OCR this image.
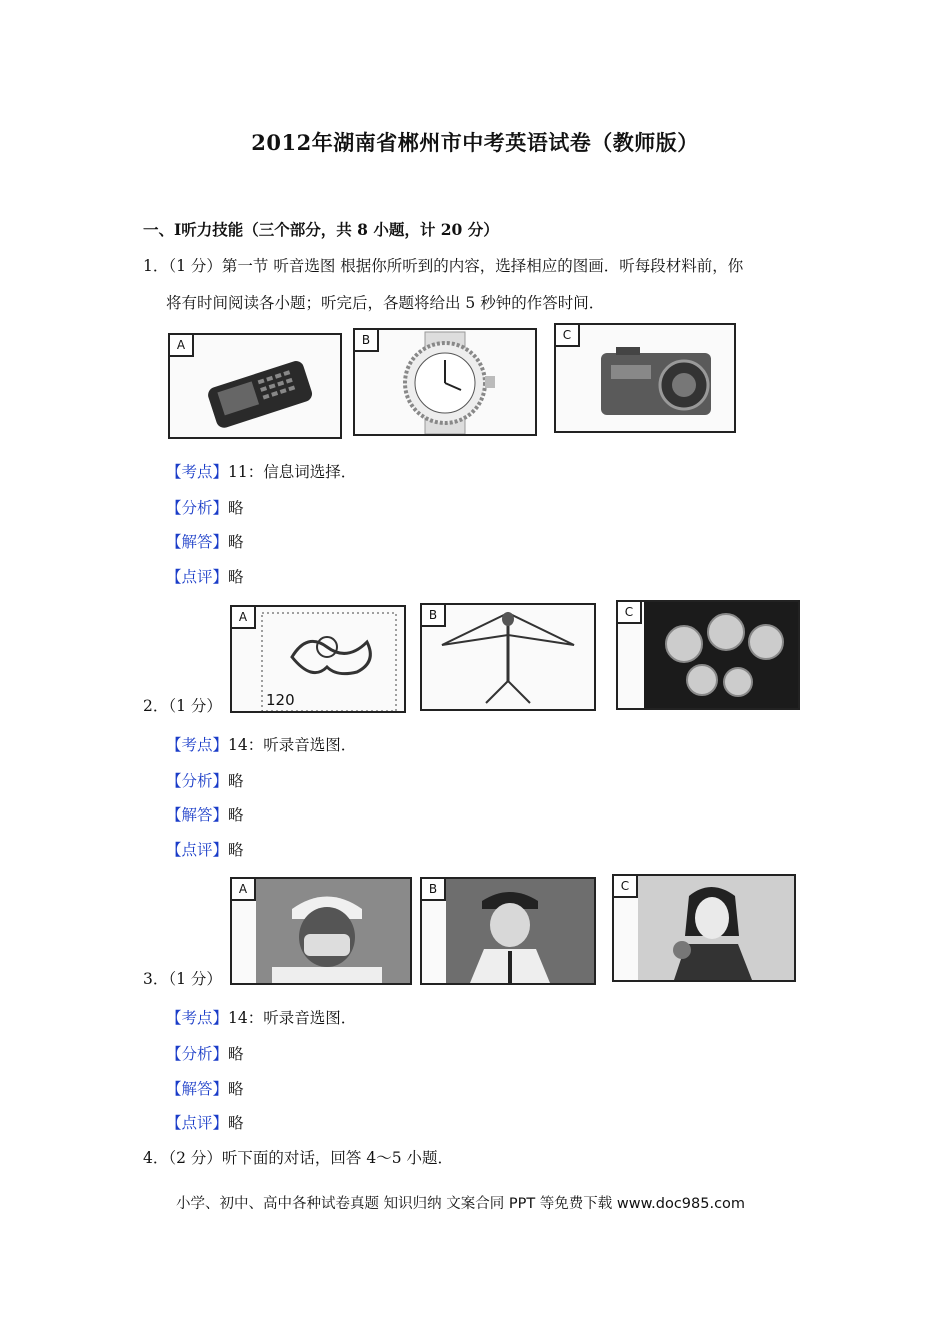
2012年湖南省郴州市中考英语试卷（教师版）
一、Ⅰ听力技能（三个部分，共 8 小题，计 20 分）
1．（1 分）第一节 听音选图 根据你所听到的内容，选择相应的图画．听每段材料前，你
将有时间阅读各小题；听完后，各题将给出 5 秒钟的作答时间．
A	B	C
【考点】11：信息词选择．
【分析】略
【解答】略
【点评】略
A
120
B	C
2．（1 分）
【考点】14：听录音选图．
【分析】略
【解答】略
【点评】略
A	B	C
3．（1 分）
【考点】14：听录音选图．
【分析】略
【解答】略
【点评】略
4．（2 分）听下面的对话，回答 4～5 小题．
小学、初中、高中各种试卷真题 知识归纳 文案合同 PPT 等免费下载 www.doc985.com
